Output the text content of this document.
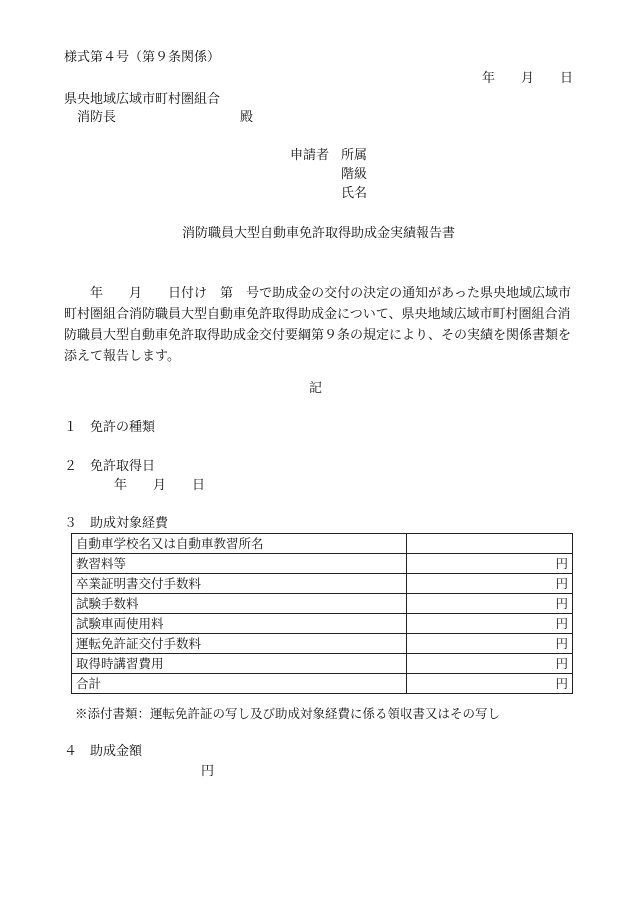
様式第４号（第９条関係）
年 月 日
県央地域広域市町村圏組合
消防長	殿
申請者 所属
階級
氏名
消防職員大型自動車免許取得助成金実績報告書
年 月 日付け 第 号で助成金の交付の決定の通知があった県央地域広域市町村圏組合消防職員大型自動車免許取得助成金について、県央地域広域市町村圏組合消防職員大型自動車免許取得助成金交付要綱第９条の規定により、その実績を関係書類を添えて報告します。
記
１　免許の種類
２　免許取得日
年 月 日
３　助成対象経費
自動車学校名又は自動車教習所名	
教習料等	円
卒業証明書交付手数料	円
試験手数料	円
試験車両使用料	円
運転免許証交付手数料	円
取得時講習費用	円
合計	円
※添付書類：運転免許証の写し及び助成対象経費に係る領収書又はその写し
４　助成金額
円
